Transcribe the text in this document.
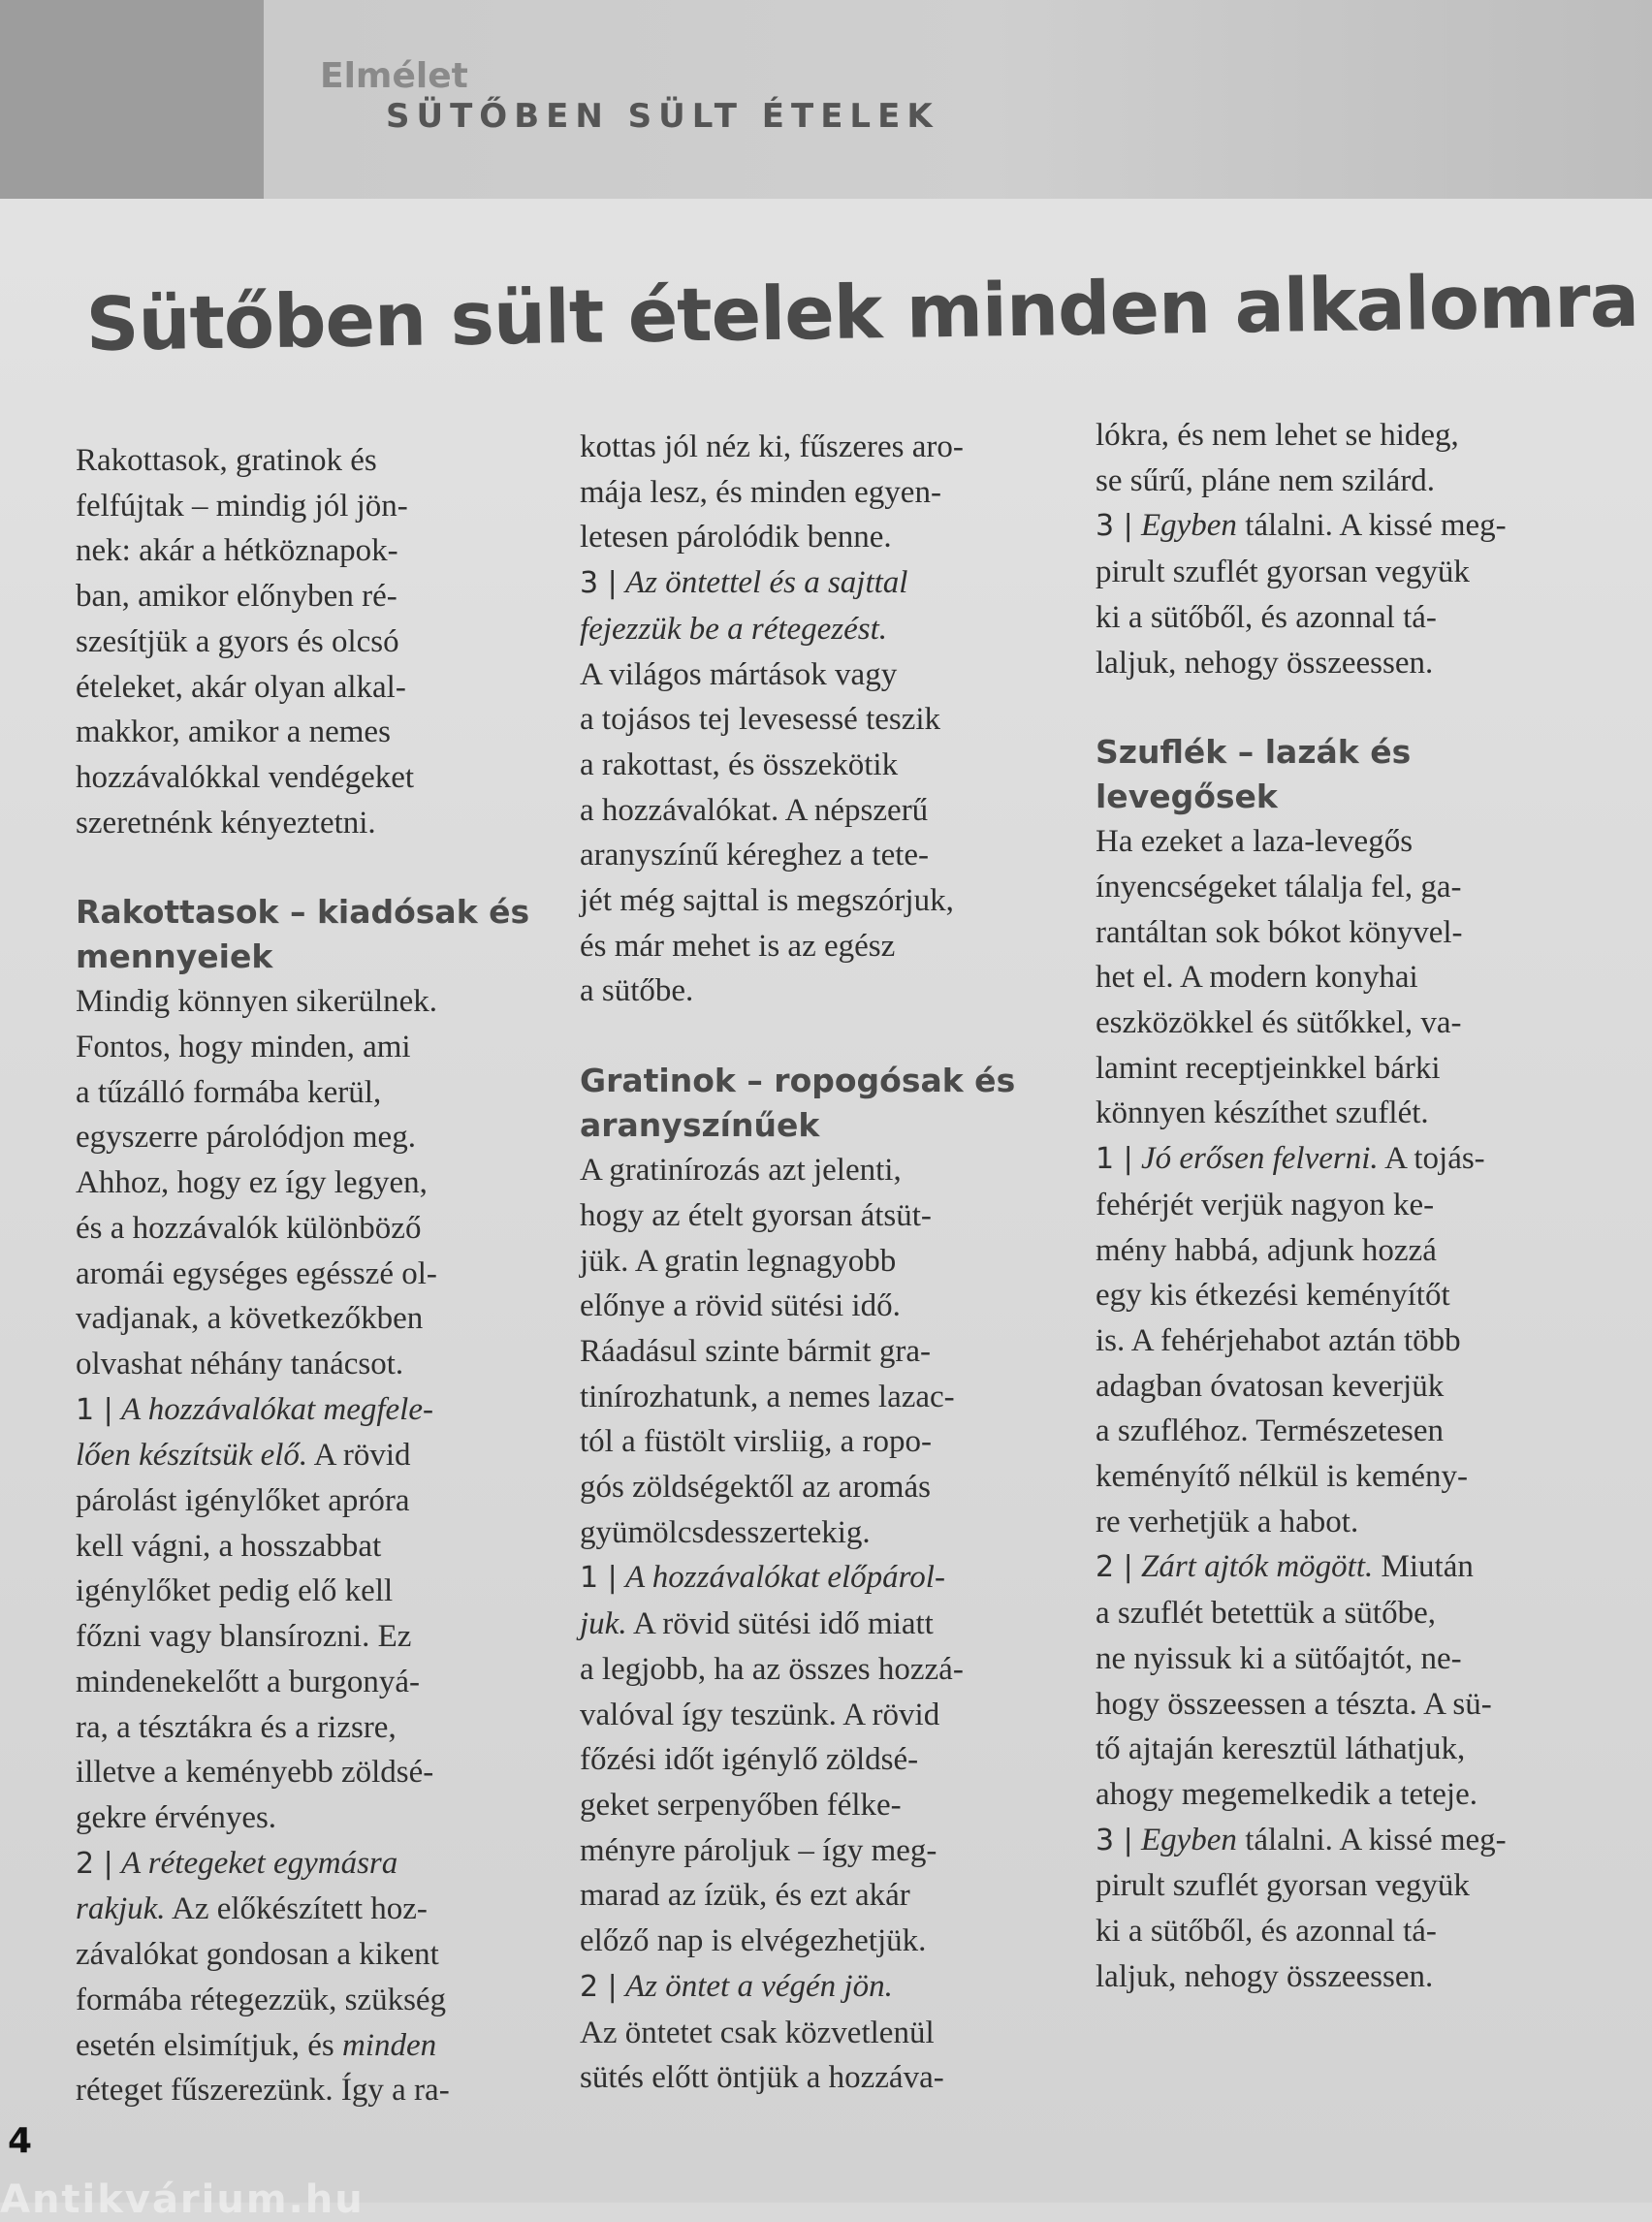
Elmélet
SÜTŐBEN SÜLT ÉTELEK
Sütőben sült ételek minden alkalomra

Rakottasok, gratinok és
felfújtak – mindig jól jön-
nek: akár a hétköznapok-
ban, amikor előnyben ré-
szesítjük a gyors és olcsó
ételeket, akár olyan alkal-
makkor, amikor a nemes
hozzávalókkal vendégeket
szeretnénk kényeztetni.

Rakottasok – kiadósak és
mennyeiek

Mindig könnyen sikerülnek.
Fontos, hogy minden, ami
a tűzálló formába kerül,
egyszerre párolódjon meg.
Ahhoz, hogy ez így legyen,
és a hozzávalók különböző
aromái egységes egésszé ol-
vadjanak, a következőkben
olvashat néhány tanácsot.

1 | A hozzávalókat megfele-
lően készítsük elő. A rövid
párolást igénylőket apróra
kell vágni, a hosszabbat
igénylőket pedig elő kell
főzni vagy blansírozni. Ez
mindenekelőtt a burgonyá-
ra, a tésztákra és a rizsre,
illetve a keményebb zöldsé-
gekre érvényes.

2 | A rétegeket egymásra
rakjuk. Az előkészített hoz-
závalókat gondosan a kikent
formába rétegezzük, szükség
esetén elsimítjuk, és minden
réteget fűszerezünk. Így a ra-

kottas jól néz ki, fűszeres aro-
mája lesz, és minden egyen-
letesen párolódik benne.

3 | Az öntettel és a sajttal
fejezzük be a rétegezést.
A világos mártások vagy
a tojásos tej levesessé teszik
a rakottast, és összekötik
a hozzávalókat. A népszerű
aranyszínű kéreghez a tete-
jét még sajttal is megszórjuk,
és már mehet is az egész
a sütőbe.

Gratinok – ropogósak és
aranyszínűek

A gratinírozás azt jelenti,
hogy az ételt gyorsan átsüt-
jük. A gratin legnagyobb
előnye a rövid sütési idő.
Ráadásul szinte bármit gra-
tinírozhatunk, a nemes lazac-
tól a füstölt virsliig, a ropo-
gós zöldségektől az aromás
gyümölcsdesszertekig.

1 | A hozzávalókat előpárol-
juk. A rövid sütési idő miatt
a legjobb, ha az összes hozzá-
valóval így teszünk. A rövid
főzési időt igénylő zöldsé-
geket serpenyőben félke-
ményre pároljuk – így meg-
marad az ízük, és ezt akár
előző nap is elvégezhetjük.

2 | Az öntet a végén jön.
Az öntetet csak közvetlenül
sütés előtt öntjük a hozzáva-

lókra, és nem lehet se hideg,
se sűrű, pláne nem szilárd.

3 | Egyben tálalni. A kissé meg-
pirult szuflét gyorsan vegyük
ki a sütőből, és azonnal tá-
laljuk, nehogy összeessen.

Szuflék – lazák és
levegősek

Ha ezeket a laza-levegős
ínyencségeket tálalja fel, ga-
rantáltan sok bókot könyvel-
het el. A modern konyhai
eszközökkel és sütőkkel, va-
lamint receptjeinkkel bárki
könnyen készíthet szuflét.

1 | Jó erősen felverni. A tojás-
fehérjét verjük nagyon ke-
mény habbá, adjunk hozzá
egy kis étkezési keményítőt
is. A fehérjehabot aztán több
adagban óvatosan keverjük
a szufléhoz. Természetesen
keményítő nélkül is kemény-
re verhetjük a habot.

2 | Zárt ajtók mögött. Miután
a szuflét betettük a sütőbe,
ne nyissuk ki a sütőajtót, ne-
hogy összeessen a tészta. A sü-
tő ajtaján keresztül láthatjuk,
ahogy megemelkedik a teteje.

3 | Egyben tálalni. A kissé meg-
pirult szuflét gyorsan vegyük
ki a sütőből, és azonnal tá-
laljuk, nehogy összeessen.

4
Antikvárium.hu
